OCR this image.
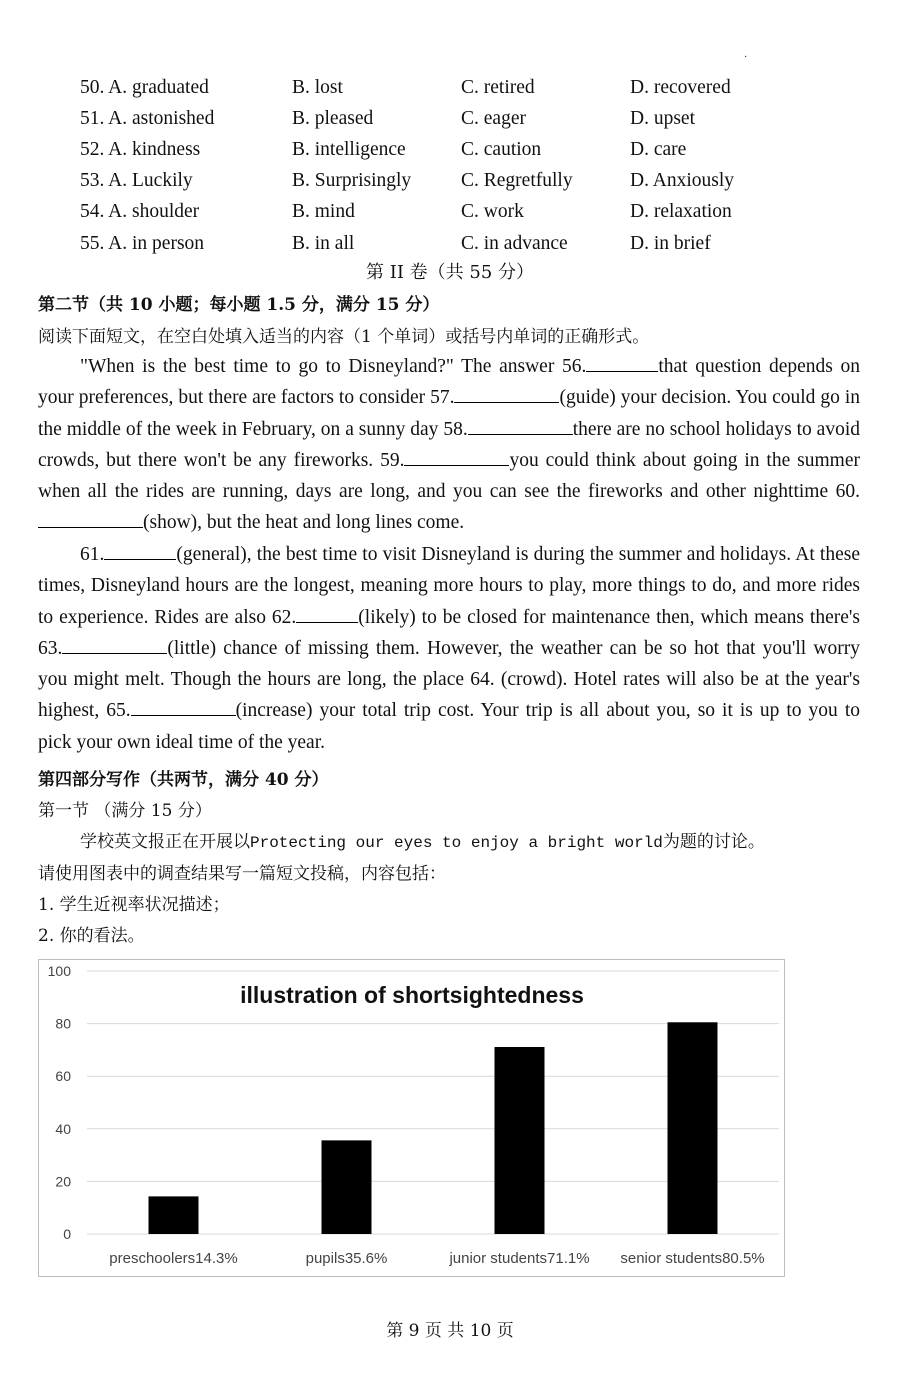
·
50. A. graduated	B. lost	C. retired	D. recovered
51. A. astonished	B. pleased	C. eager	D. upset
52. A. kindness	B. intelligence	C. caution	D. care
53. A. Luckily	B. Surprisingly	C. Regretfully	D. Anxiously
54. A. shoulder	B. mind	C. work	D. relaxation
55. A. in person	B. in all	C. in advance	D. in brief
第 II 卷（共 55 分）
第二节（共 10 小题；每小题 1.5 分，满分 15 分）
阅读下面短文，在空白处填入适当的内容（1 个单词）或括号内单词的正确形式。
"When is the best time to go to Disneyland?" The answer 56.	that question depends on your preferences, but there are factors to consider 57.	(guide) your decision. You could go in the middle of the week in February, on a sunny day 58.	there are no school holidays to avoid crowds, but there won't be any fireworks. 59.	you could think about going in the summer when all the rides are running, days are long, and you can see the fireworks and other nighttime 60.(show), but the heat and long lines come.
61.	(general), the best time to visit Disneyland is during the summer and holidays. At these times, Disneyland hours are the longest, meaning more hours to play, more things to do, and more rides to experience. Rides are also 62.	(likely) to be closed for maintenance then, which means there's 63.	(little) chance of missing them. However, the weather can be so hot that you'll worry you might melt. Though the hours are long, the place 64. (crowd). Hotel rates will also be at the year's highest, 65.	(increase) your total trip cost. Your trip is all about you, so it is up to you to pick your own ideal time of the year.
第四部分写作（共两节，满分 40 分）
第一节 （满分 15 分）
学校英文报正在开展以Protecting our eyes to enjoy a bright world为题的讨论。
请使用图表中的调查结果写一篇短文投稿，内容包括：
1. 学生近视率状况描述；
2. 你的看法。
0
20
40
60
80
100
illustration of shortsightedness
preschoolers14.3%	pupils35.6%	junior students71.1% senior students80.5%
第 9 页 共 10 页
